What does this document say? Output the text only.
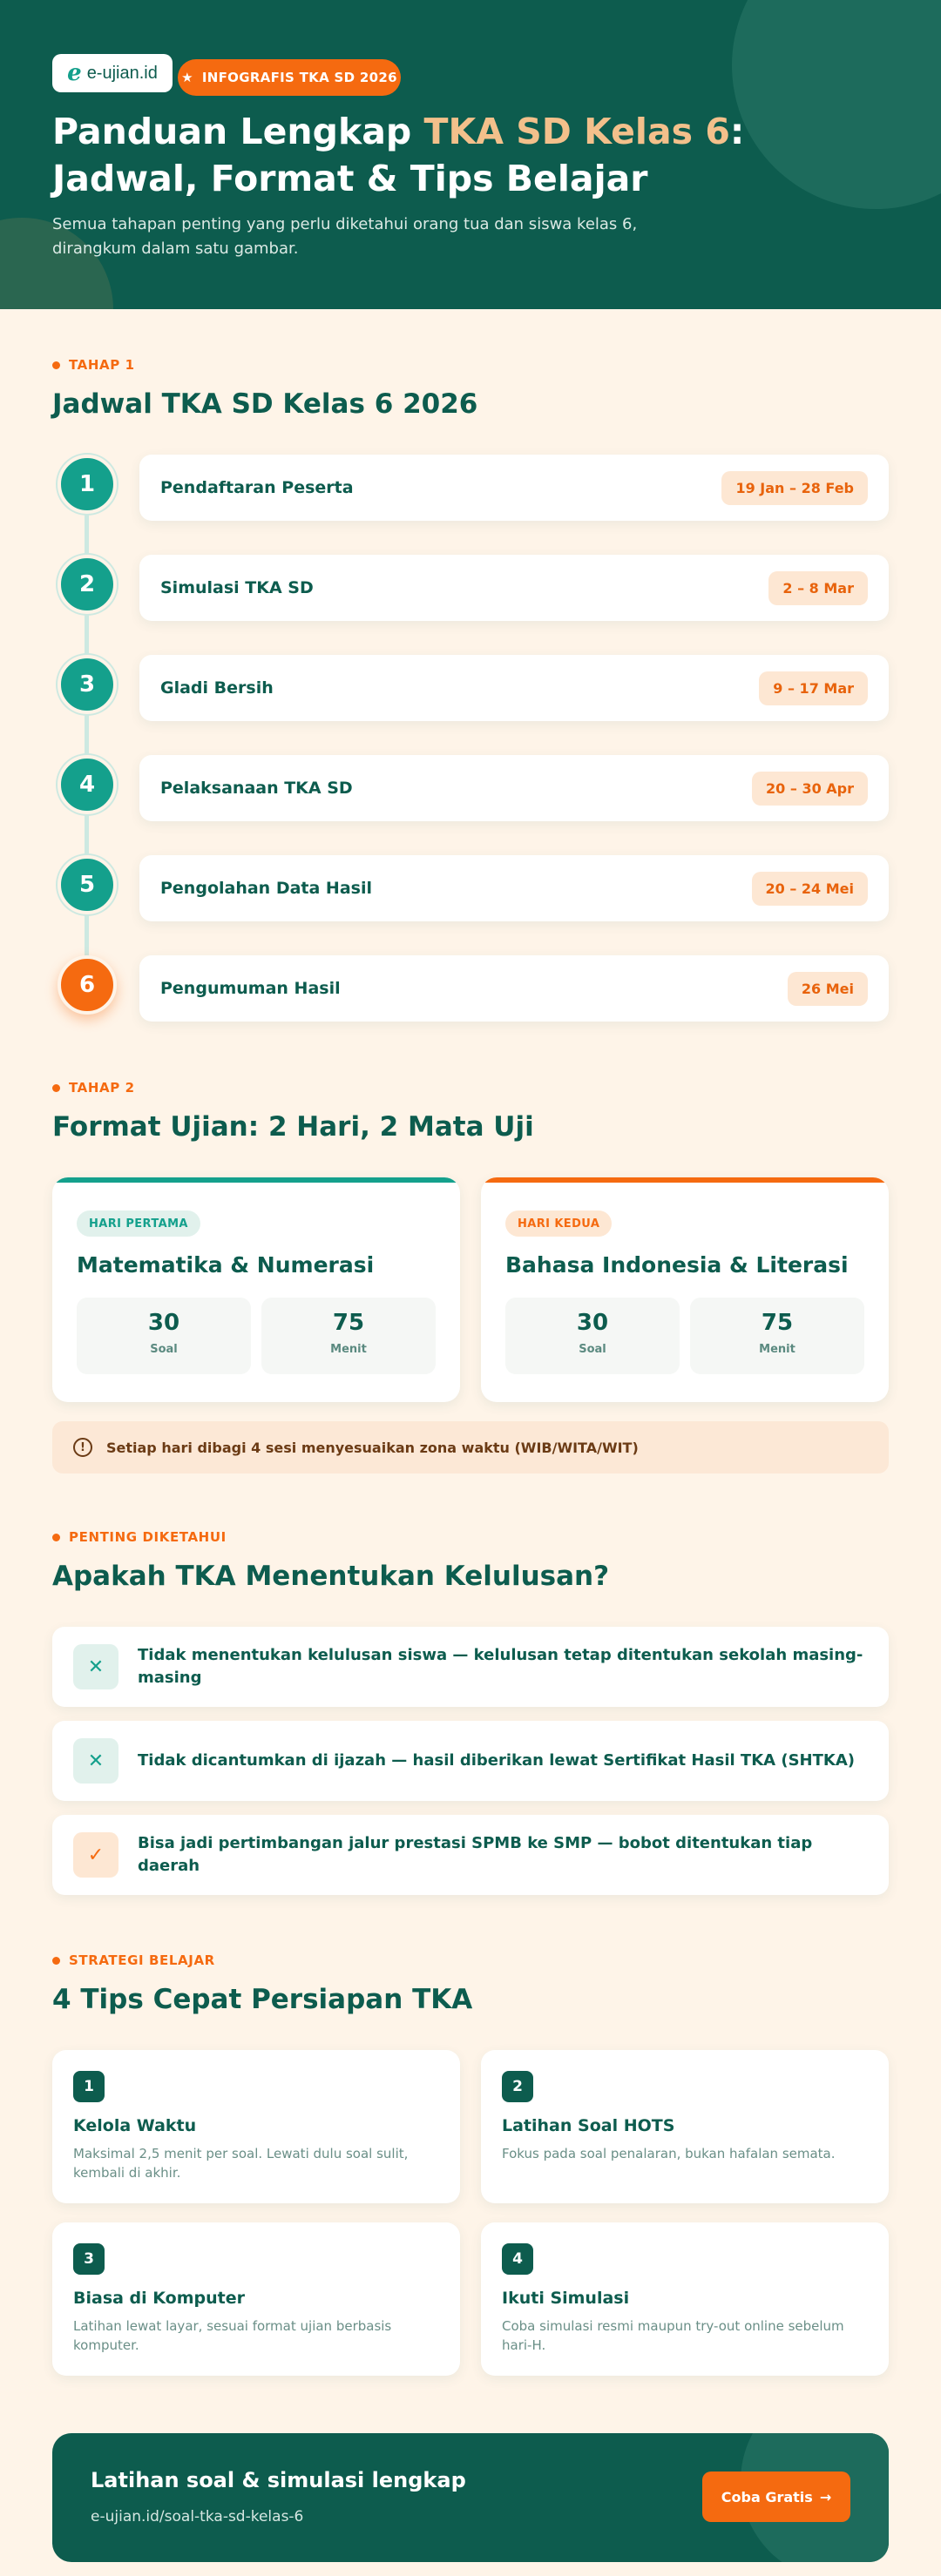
e e-ujian.id ★ INFOGRAFIS TKA SD 2026
Panduan Lengkap TKA SD Kelas 6:
Jadwal, Format & Tips Belajar
Semua tahapan penting yang perlu diketahui orang tua dan siswa kelas 6, dirangkum dalam satu gambar.
TAHAP 1
Jadwal TKA SD Kelas 6 2026
1	Pendaftaran Peserta	19 Jan – 28 Feb
2	Simulasi TKA SD	2 – 8 Mar
3	Gladi Bersih	9 – 17 Mar
4	Pelaksanaan TKA SD	20 – 30 Apr
5	Pengolahan Data Hasil	20 – 24 Mei
6	Pengumuman Hasil	26 Mei
TAHAP 2
Format Ujian: 2 Hari, 2 Mata Uji
HARI PERTAMA
Matematika & Numerasi
30
Soal
75
Menit
HARI KEDUA
Bahasa Indonesia & Literasi
30
Soal
75
Menit
!	Setiap hari dibagi 4 sesi menyesuaikan zona waktu (WIB/WITA/WIT)
PENTING DIKETAHUI
Apakah TKA Menentukan Kelulusan?
✕
Tidak menentukan kelulusan siswa — kelulusan tetap ditentukan sekolah masing-masing
✕	Tidak dicantumkan di ijazah — hasil diberikan lewat Sertifikat Hasil TKA (SHTKA)
✓
Bisa jadi pertimbangan jalur prestasi SPMB ke SMP — bobot ditentukan tiap daerah
STRATEGI BELAJAR
4 Tips Cepat Persiapan TKA
1
Kelola Waktu
Maksimal 2,5 menit per soal. Lewati dulu soal sulit, kembali di akhir.
2
Latihan Soal HOTS
Fokus pada soal penalaran, bukan hafalan semata.
3
Biasa di Komputer
Latihan lewat layar, sesuai format ujian berbasis komputer.
4
Ikuti Simulasi
Coba simulasi resmi maupun try-out online sebelum hari-H.
Latihan soal & simulasi lengkap
e-ujian.id/soal-tka-sd-kelas-6
Coba Gratis →
